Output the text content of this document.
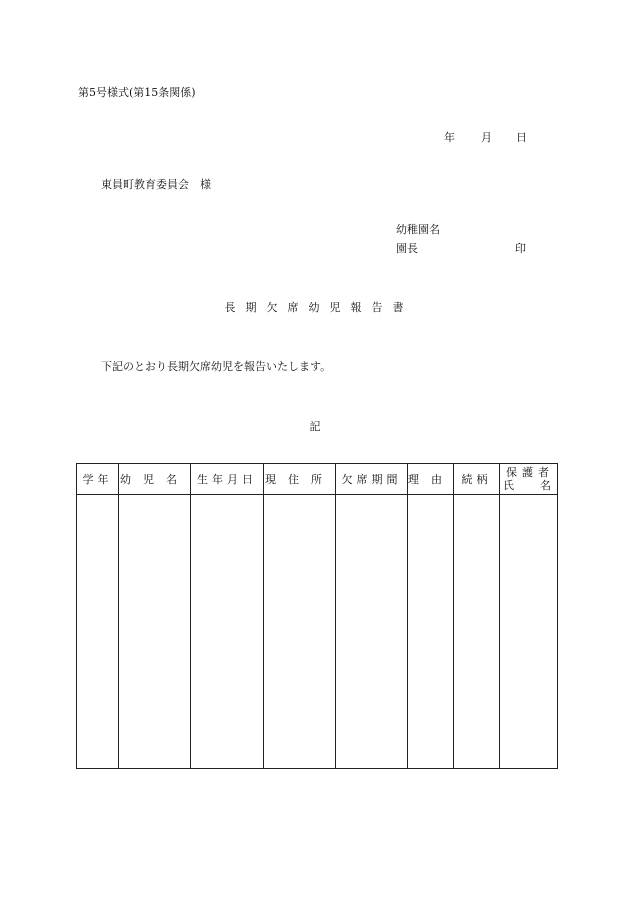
第5号様式(第15条関係)
年 月 日
東員町教育委員会　様
幼稚園名
園長	印
長期欠席幼児報告書
下記のとおり長期欠席幼児を報告いたします。
記
学年	幼児名	生年月日	現住所	欠席期間	理由	続柄	保護者
氏名
